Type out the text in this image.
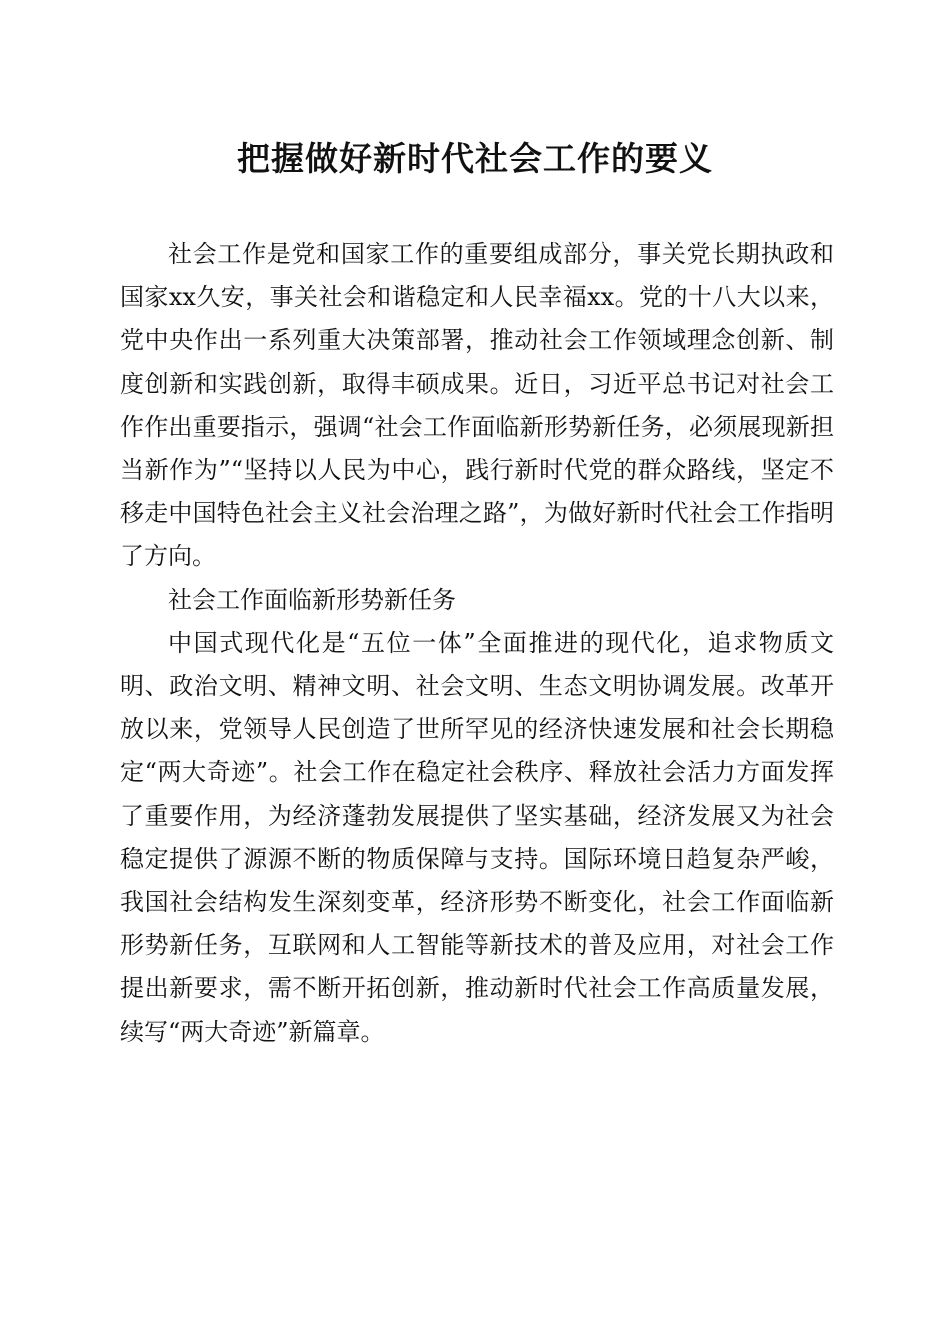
把握做好新时代社会工作的要义

社会工作是党和国家工作的重要组成部分，事关党长期执政和国家xx久安，事关社会和谐稳定和人民幸福xx。党的十八大以来，党中央作出一系列重大决策部署，推动社会工作领域理念创新、制度创新和实践创新，取得丰硕成果。近日，习近平总书记对社会工作作出重要指示，强调“社会工作面临新形势新任务，必须展现新担当新作为”“坚持以人民为中心，践行新时代党的群众路线，坚定不移走中国特色社会主义社会治理之路”，为做好新时代社会工作指明了方向。

社会工作面临新形势新任务

中国式现代化是“五位一体”全面推进的现代化，追求物质文明、政治文明、精神文明、社会文明、生态文明协调发展。改革开放以来，党领导人民创造了世所罕见的经济快速发展和社会长期稳定“两大奇迹”。社会工作在稳定社会秩序、释放社会活力方面发挥了重要作用，为经济蓬勃发展提供了坚实基础，经济发展又为社会稳定提供了源源不断的物质保障与支持。国际环境日趋复杂严峻，我国社会结构发生深刻变革，经济形势不断变化，社会工作面临新形势新任务，互联网和人工智能等新技术的普及应用，对社会工作提出新要求，需不断开拓创新，推动新时代社会工作高质量发展，续写“两大奇迹”新篇章。
